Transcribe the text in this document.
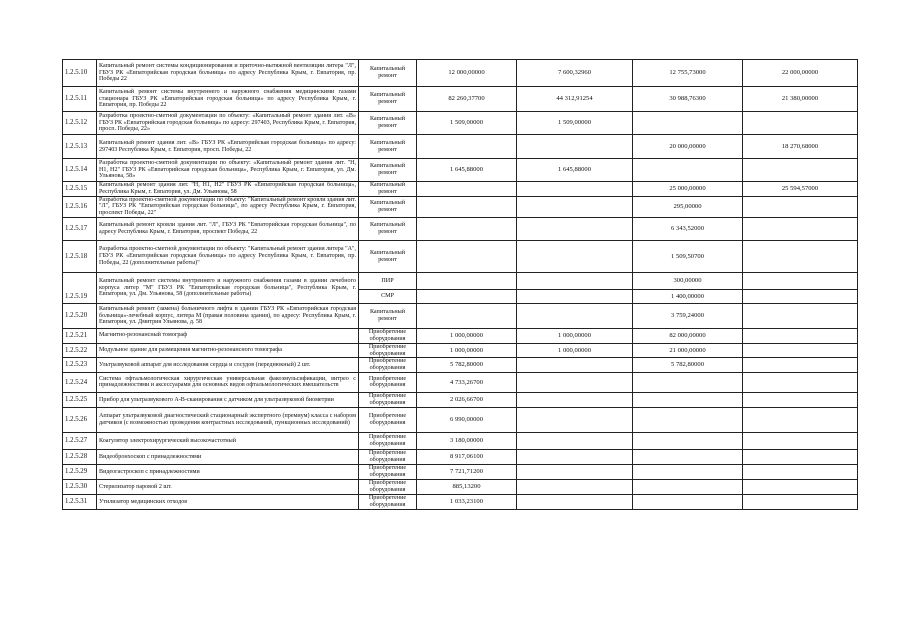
1.2.5.10	Капитальный ремонт системы кондиционирования и приточно-вытяжной вентиляции литера "Л", ГБУЗ РК «Евпаторийская городская больница» по адресу Республика Крым, г. Евпатория, пр. Победы 22	Капитальный ремонт	12 000,00000	7 600,32960	12 755,73000	22 000,00000

1.2.5.11	Капитальный ремонт системы внутреннего и наружного снабжения медицинскими газами стационара ГБУЗ РК «Евпаторийская городская больница» по адресу Республика Крым, г. Евпатория, пр. Победы 22	Капитальный ремонт	82 260,37700	44 312,91254	30 988,76300	21 380,00000

1.2.5.12	Разработка проектно-сметной документации по объекту: «Капитальный ремонт здания лит. «В» ГБУЗ РК «Евпаторийская городская больница» по адресу: 297403, Республика Крым, г. Евпатория, просп. Победы, 22»	Капитальный ремонт	1 509,00000	1 509,00000		

1.2.5.13	Капитальный ремонт здания лит. «В» ГБУЗ РК «Евпаторийская городская больница» по адресу: 297403 Республика Крым, г. Евпатория, просп. Победы, 22	Капитальный ремонт			20 000,00000	18 270,68000

1.2.5.14	Разработка проектно-сметной документации по объекту: «Капитальный ремонт здания лит. "Н, Н1, Н2" ГБУЗ РК «Евпаторийская городская больница», Республика Крым, г. Евпатория, ул. Дм. Ульянова, 58»	Капитальный ремонт	1 645,88000	1 645,88000		

1.2.5.15	Капитальный ремонт здания лит. "Н, Н1, Н2" ГБУЗ РК «Евпаторийская городская больница», Республика Крым, г. Евпатория, ул. Дм. Ульянова, 58	Капитальный ремонт			25 000,00000	25 594,57000

1.2.5.16	Разработка проектно-сметной документации по объекту: "Капитальный ремонт кровли здания лит. "Л", ГБУЗ РК "Евпаторийская городская больница", по адресу Республика Крым, г. Евпатория, проспект Победы, 22"	Капитальный ремонт			295,00000	

1.2.5.17	Капитальный ремонт кровли здания лит. "Л", ГБУЗ РК "Евпаторийская городская больница", по адресу Республика Крым, г. Евпатория, проспект Победы, 22	Капитальный ремонт			6 343,52000	

1.2.5.18	Разработка проектно-сметной документации по объекту: "Капитальный ремонт здания литера "А", ГБУЗ РК «Евпаторийская городская больница» по адресу Республика Крым, г. Евпатория, пр. Победы, 22 (дополнительные работы)"	Капитальный ремонт			1 509,50700	

	Капитальный ремонт системы внутреннего и наружного снабжения газами в здании лечебного корпуса литер "М" ГБУЗ РК "Евпаторийская городская больница", Республика Крым, г. Евпатория, ул. Дм. Ульянова, 58 (дополнительные работы)	ПИР			300,00000	

1.2.5.19		СМР			1 400,00000	

1.2.5.20	Капитальный ремонт (замена) больничного лифта в здании ГБУЗ РК «Евпаторийская городская больница»-лечебный корпус, литера М (правая половина здания), по адресу: Республика Крым, г. Евпатория, ул. Дмитрия Ульянова, д. 58	Капитальный ремонт			3 759,24000	

1.2.5.21	Магнитно-резонансный томограф	Приобретение оборудования	1 000,00000	1 000,00000	82 000,00000	

1.2.5.22	Модульное здание для размещения магнитно-резонансного томографа	Приобретение оборудования	1 000,00000	1 000,00000	21 000,00000	

1.2.5.23	Ультразвуковой аппарат для исследования сердца и сосудов (переднюкный) 2 шт.	Приобретение оборудования	5 782,80000		5 782,80000	

1.2.5.24	Система офтальмологическая хирургическая универсальная факоэмульсификации, витрео с принадлежностями и аксессуарами для основных видов офтальмологических вмешательств	Приобретение оборудования	4 733,26700			

1.2.5.25	Прибор для ультразвукового А-В-сканирования с датчиком для ультразвуковой биометрии	Приобретение оборудования	2 026,66700			

1.2.5.26	Аппарат ультразвуковой диагностический стационарный экспертного (премиум) класса с набором датчиков (с возможностью проведения контрастных исследований, пункционных исследований)	Приобретение оборудования	6 990,00000			

1.2.5.27	Коагулятор электрохирургический высокочастотный	Приобретение оборудования	3 180,00000			

1.2.5.28	Видеобронхоскоп с принадлежностями	Приобретение оборудования	8 917,06100			

1.2.5.29	Видеогастроскоп с принадлежностями	Приобретение оборудования	7 721,71200			

1.2.5.30	Стерилизатор паровой 2 шт.	Приобретение оборудования	885,13200			

1.2.5.31	Утилизатор медицинских отходов	Приобретение оборудования	1 033,23100			
